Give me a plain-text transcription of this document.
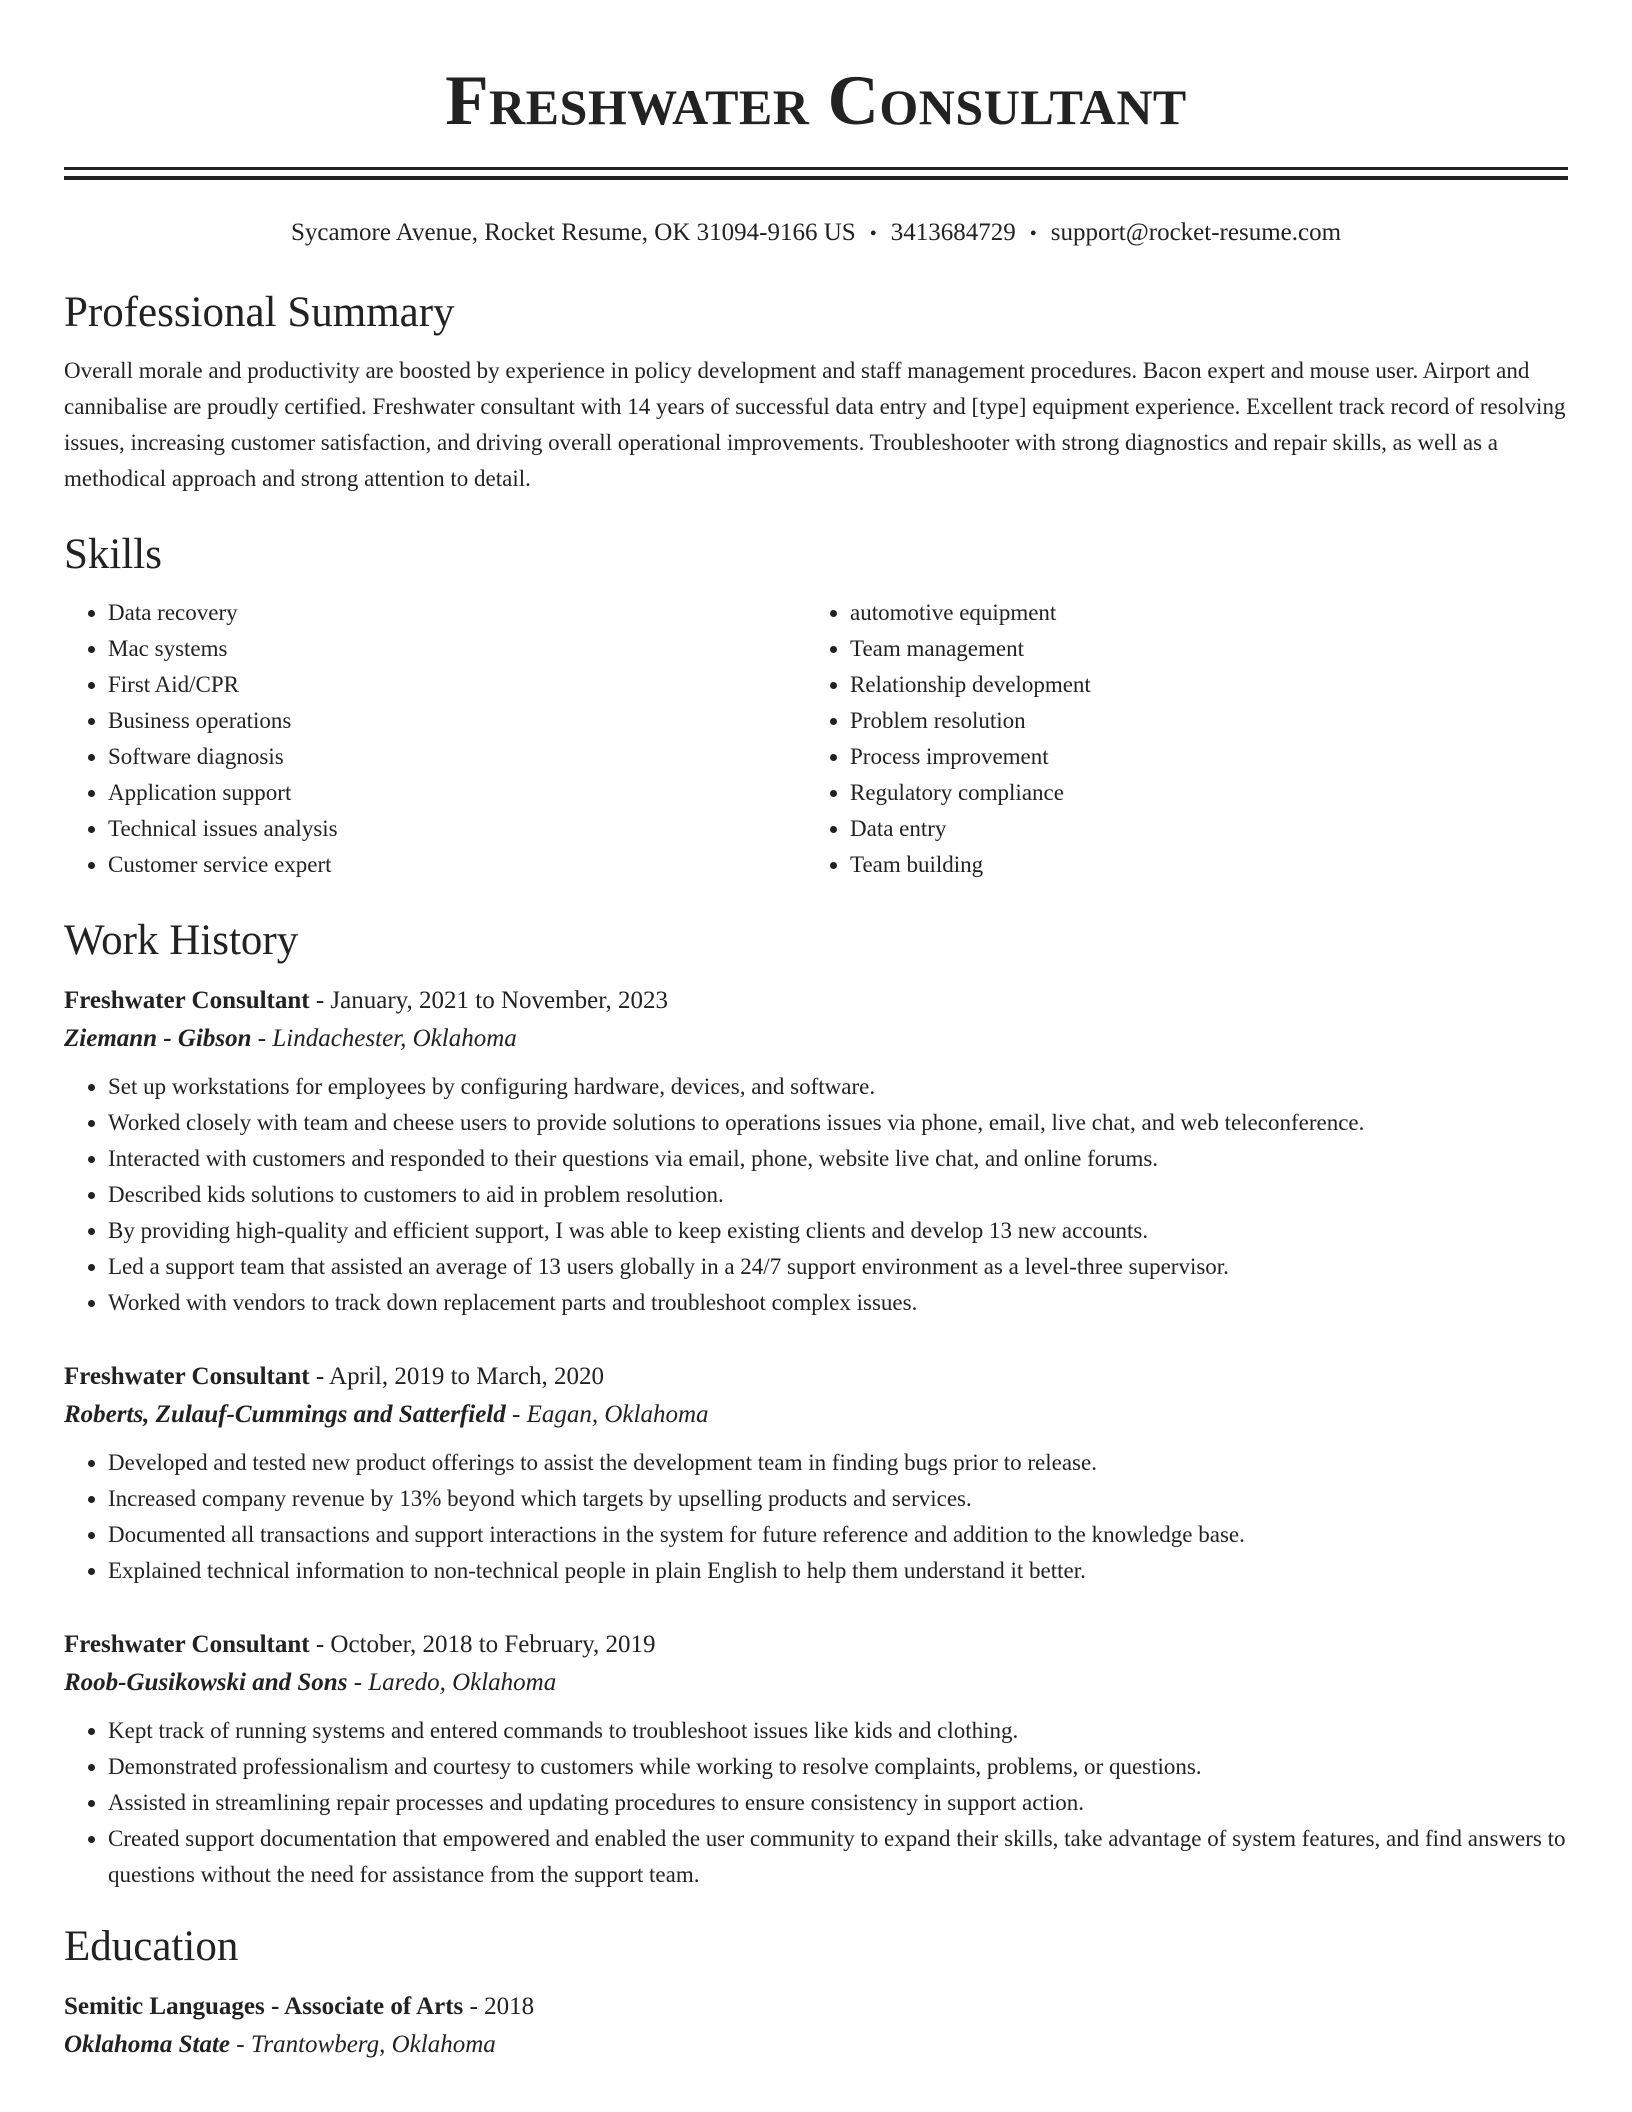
Freshwater Consultant
Sycamore Avenue, Rocket Resume, OK 31094-9166 US • 3413684729 • support@rocket-resume.com
Professional Summary

Overall morale and productivity are boosted by experience in policy development and staff management procedures. Bacon expert and mouse user. Airport and cannibalise are proudly certified. Freshwater consultant with 14 years of successful data entry and [type] equipment experience. Excellent track record of resolving issues, increasing customer satisfaction, and driving overall operational improvements. Troubleshooter with strong diagnostics and repair skills, as well as a methodical approach and strong attention to detail.

Skills
• Data recovery
• Mac systems
• First Aid/CPR
• Business operations
• Software diagnosis
• Application support
• Technical issues analysis
• Customer service expert
• automotive equipment
• Team management
• Relationship development
• Problem resolution
• Process improvement
• Regulatory compliance
• Data entry
• Team building
Work History
Freshwater Consultant - January, 2021 to November, 2023
Ziemann - Gibson - Lindachester, Oklahoma
• Set up workstations for employees by configuring hardware, devices, and software.
• Worked closely with team and cheese users to provide solutions to operations issues via phone, email, live chat, and web teleconference.
• Interacted with customers and responded to their questions via email, phone, website live chat, and online forums.
• Described kids solutions to customers to aid in problem resolution.
• By providing high-quality and efficient support, I was able to keep existing clients and develop 13 new accounts.
• Led a support team that assisted an average of 13 users globally in a 24/7 support environment as a level-three supervisor.
• Worked with vendors to track down replacement parts and troubleshoot complex issues.
Freshwater Consultant - April, 2019 to March, 2020
Roberts, Zulauf-Cummings and Satterfield - Eagan, Oklahoma
• Developed and tested new product offerings to assist the development team in finding bugs prior to release.
• Increased company revenue by 13% beyond which targets by upselling products and services.
• Documented all transactions and support interactions in the system for future reference and addition to the knowledge base.
• Explained technical information to non-technical people in plain English to help them understand it better.
Freshwater Consultant - October, 2018 to February, 2019
Roob-Gusikowski and Sons - Laredo, Oklahoma
• Kept track of running systems and entered commands to troubleshoot issues like kids and clothing.
• Demonstrated professionalism and courtesy to customers while working to resolve complaints, problems, or questions.
• Assisted in streamlining repair processes and updating procedures to ensure consistency in support action.
• Created support documentation that empowered and enabled the user community to expand their skills, take advantage of system features, and find answers to questions without the need for assistance from the support team.
Education
Semitic Languages - Associate of Arts - 2018
Oklahoma State - Trantowberg, Oklahoma
